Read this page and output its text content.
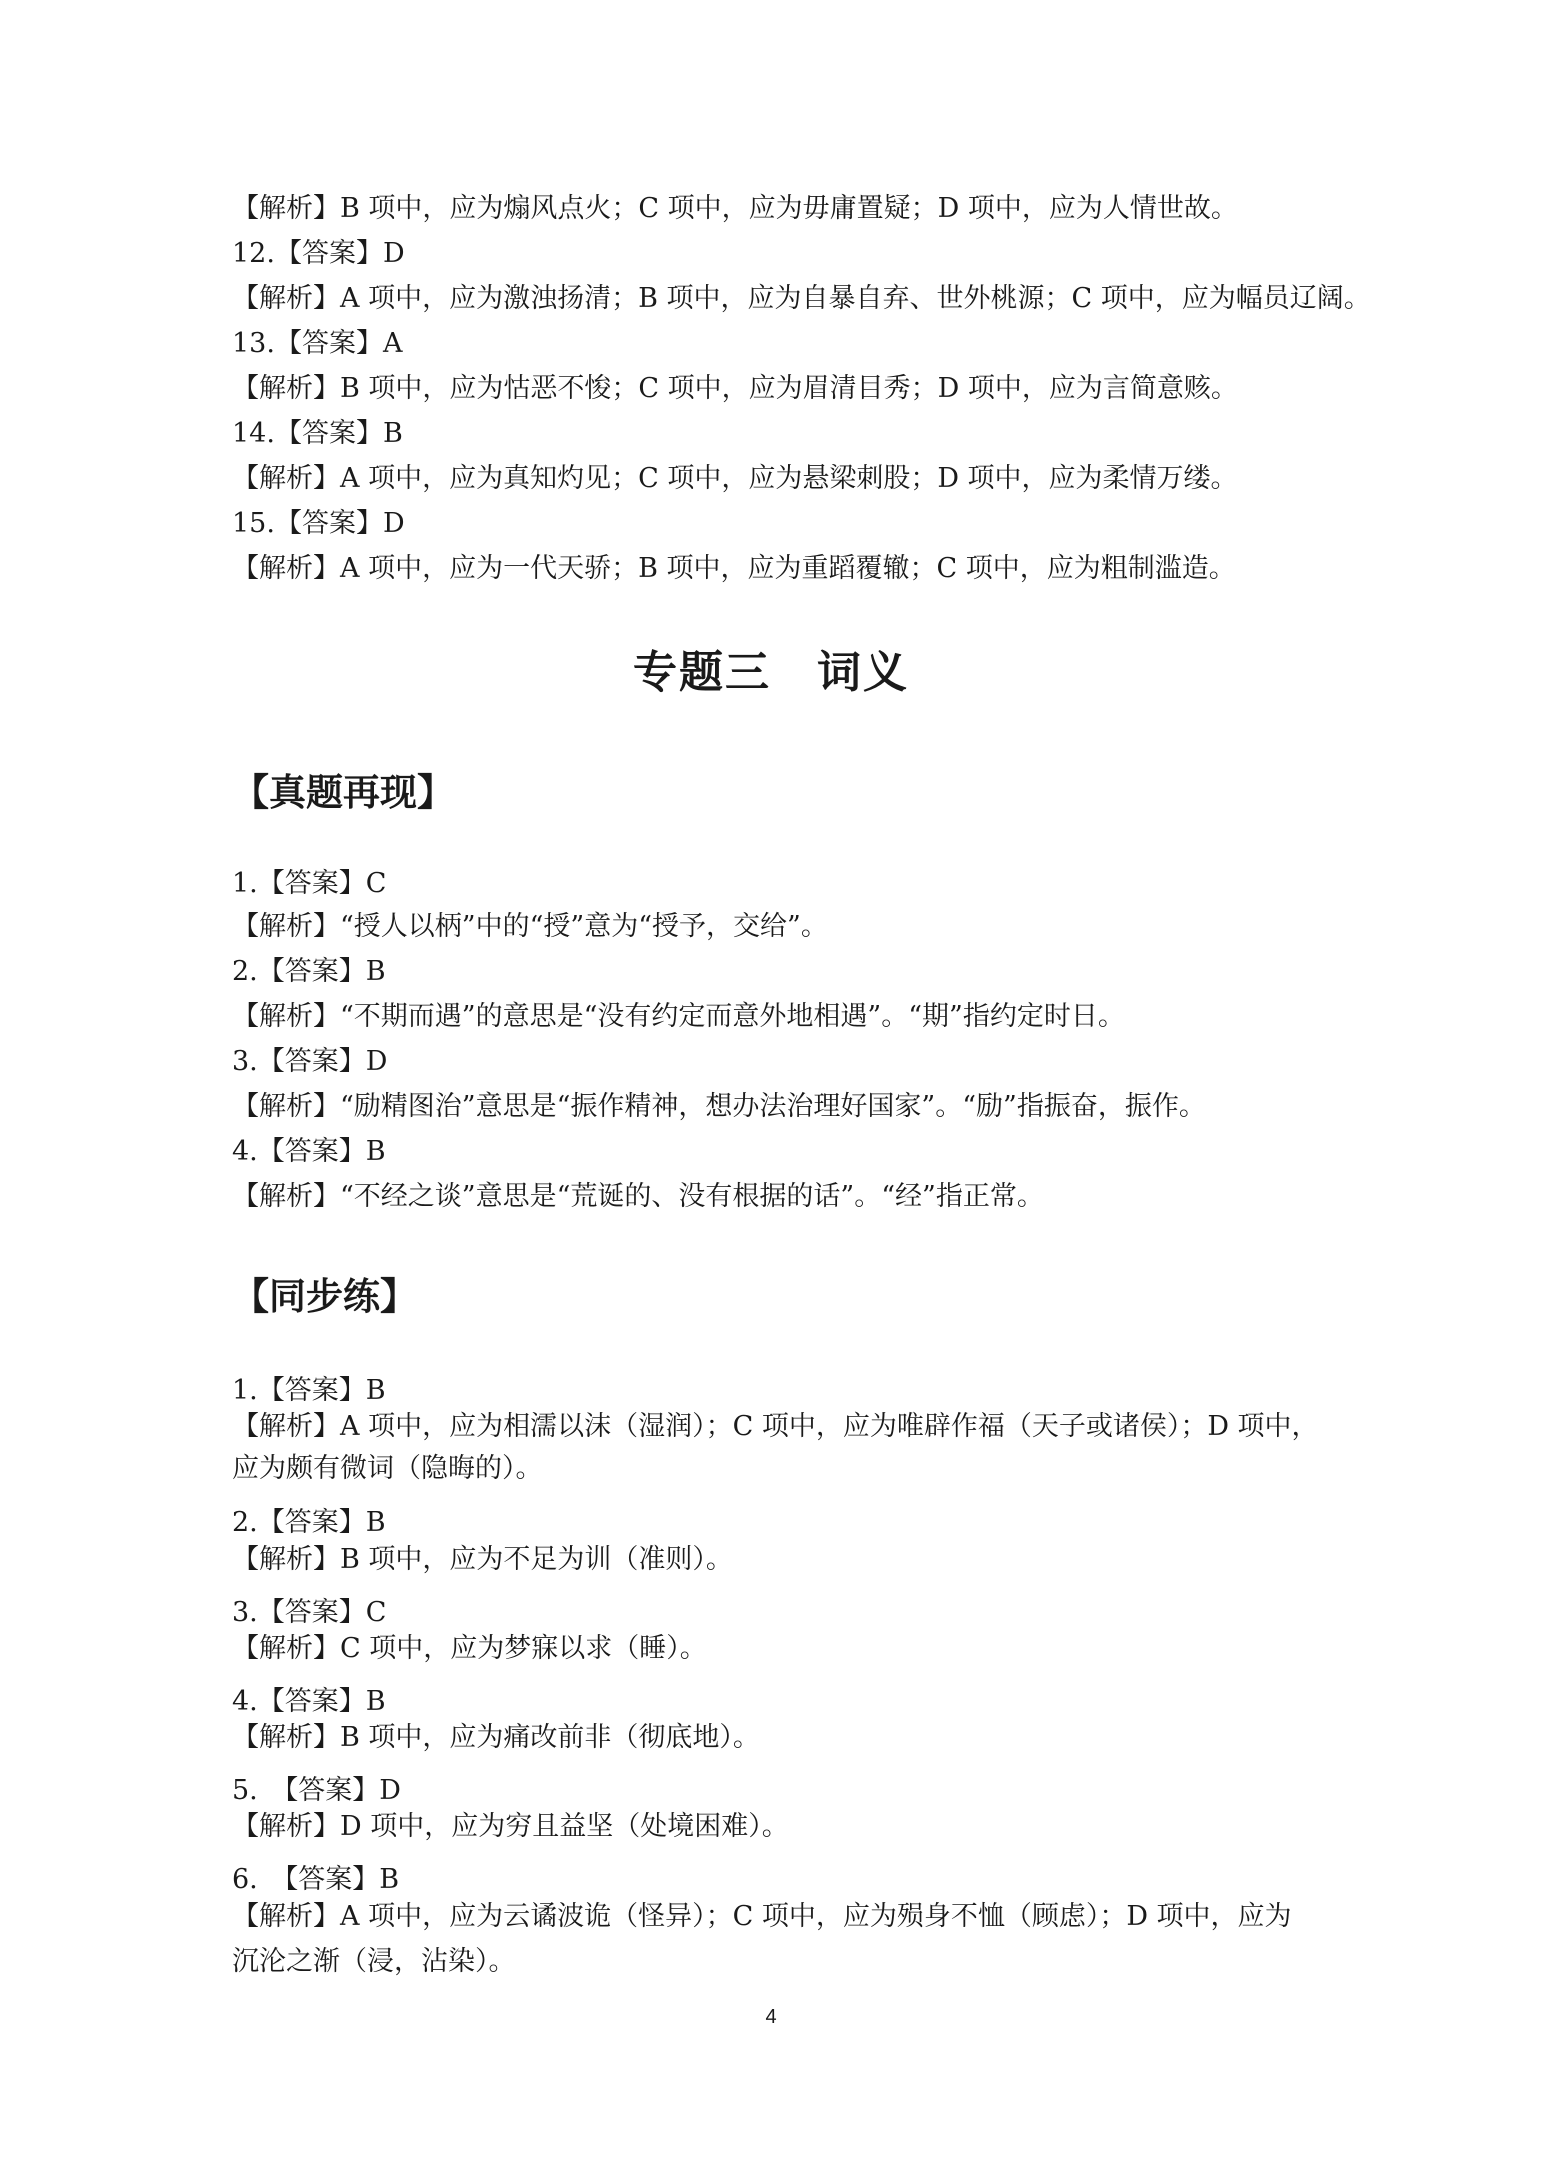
【解析】B 项中，应为煽风点火；C 项中，应为毋庸置疑；D 项中，应为人情世故。
12.【答案】D
【解析】A 项中，应为激浊扬清；B 项中，应为自暴自弃、世外桃源；C 项中，应为幅员辽阔。
13.【答案】A
【解析】B 项中，应为怙恶不悛；C 项中，应为眉清目秀；D 项中，应为言简意赅。
14.【答案】B
【解析】A 项中，应为真知灼见；C 项中，应为悬梁刺股；D 项中，应为柔情万缕。
15.【答案】D
【解析】A 项中，应为一代天骄；B 项中，应为重蹈覆辙；C 项中，应为粗制滥造。
专题三　词义
【真题再现】
1.【答案】C
【解析】“授人以柄”中的“授”意为“授予，交给”。
2.【答案】B
【解析】“不期而遇”的意思是“没有约定而意外地相遇”。“期”指约定时日。
3.【答案】D
【解析】“励精图治”意思是“振作精神，想办法治理好国家”。“励”指振奋，振作。
4.【答案】B
【解析】“不经之谈”意思是“荒诞的、没有根据的话”。“经”指正常。
【同步练】
1.【答案】B
【解析】A 项中，应为相濡以沫（湿润）；C 项中，应为唯辟作福（天子或诸侯）；D 项中，
应为颇有微词（隐晦的）。
2.【答案】B
【解析】B 项中，应为不足为训（准则）。
3.【答案】C
【解析】C 项中，应为梦寐以求（睡）。
4.【答案】B
【解析】B 项中，应为痛改前非（彻底地）。
5.　【答案】D
【解析】D 项中，应为穷且益坚（处境困难）。
6.　【答案】B
【解析】A 项中，应为云谲波诡（怪异）；C 项中，应为殒身不恤（顾虑）；D 项中，应为
沉沦之渐（浸，沾染）。
4
